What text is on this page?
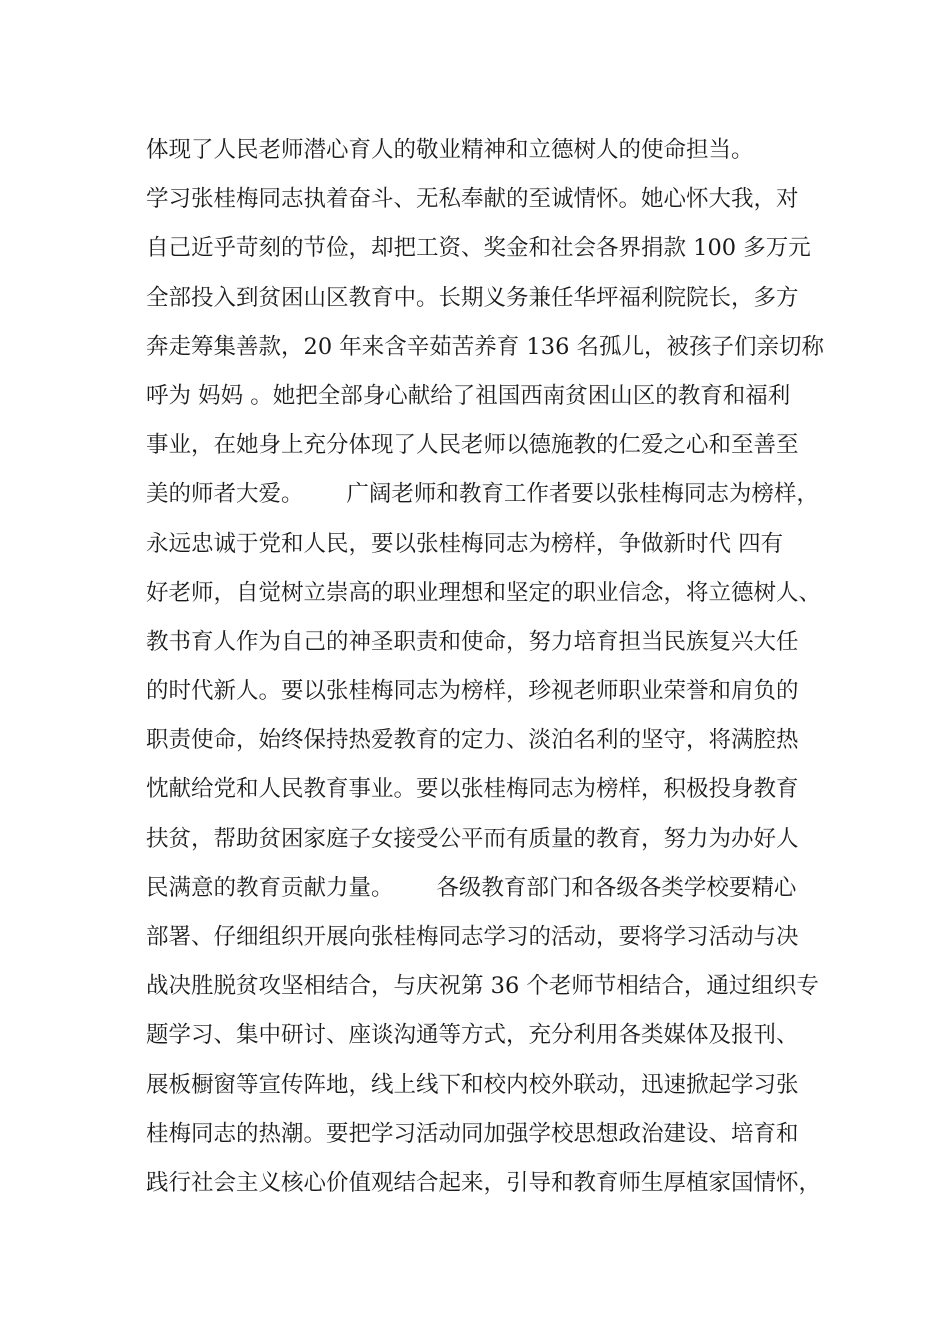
体现了人民老师潜心育人的敬业精神和立德树人的使命担当。
学习张桂梅同志执着奋斗、无私奉献的至诚情怀。她心怀大我，对
自己近乎苛刻的节俭，却把工资、奖金和社会各界捐款 100 多万元
全部投入到贫困山区教育中。长期义务兼任华坪福利院院长，多方
奔走筹集善款，20 年来含辛茹苦养育 136 名孤儿，被孩子们亲切称
呼为 妈妈 。她把全部身心献给了祖国西南贫困山区的教育和福利
事业，在她身上充分体现了人民老师以德施教的仁爱之心和至善至
美的师者大爱。      广阔老师和教育工作者要以张桂梅同志为榜样，
永远忠诚于党和人民，要以张桂梅同志为榜样，争做新时代 四有
好老师，自觉树立崇高的职业理想和坚定的职业信念，将立德树人、
教书育人作为自己的神圣职责和使命，努力培育担当民族复兴大任
的时代新人。要以张桂梅同志为榜样，珍视老师职业荣誉和肩负的
职责使命，始终保持热爱教育的定力、淡泊名利的坚守，将满腔热
忱献给党和人民教育事业。要以张桂梅同志为榜样，积极投身教育
扶贫，帮助贫困家庭子女接受公平而有质量的教育，努力为办好人
民满意的教育贡献力量。      各级教育部门和各级各类学校要精心
部署、仔细组织开展向张桂梅同志学习的活动，要将学习活动与决
战决胜脱贫攻坚相结合，与庆祝第 36 个老师节相结合，通过组织专
题学习、集中研讨、座谈沟通等方式，充分利用各类媒体及报刊、
展板橱窗等宣传阵地，线上线下和校内校外联动，迅速掀起学习张
桂梅同志的热潮。要把学习活动同加强学校思想政治建设、培育和
践行社会主义核心价值观结合起来，引导和教育师生厚植家国情怀，
